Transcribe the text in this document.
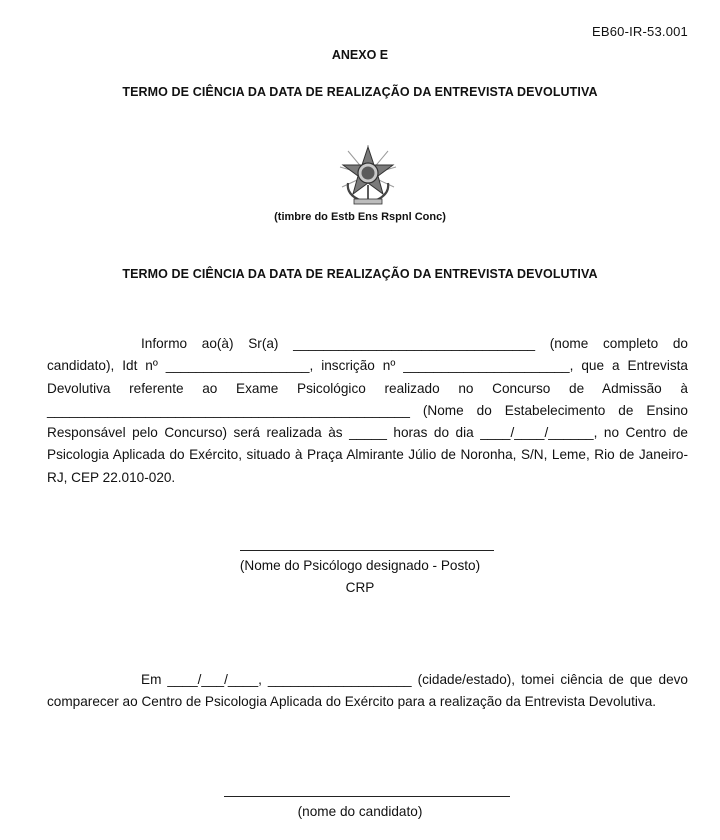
EB60-IR-53.001
ANEXO E
TERMO DE CIÊNCIA DA DATA DE REALIZAÇÃO DA ENTREVISTA DEVOLUTIVA
(timbre do Estb Ens Rspnl Conc)
TERMO DE CIÊNCIA DA DATA DE REALIZAÇÃO DA ENTREVISTA DEVOLUTIVA

Informo ao(à) Sr(a) ________________________________ (nome completo do candidato), Idt nº ___________________, inscrição nº ______________________, que a Entrevista Devolutiva referente ao Exame Psicológico realizado no Concurso de Admissão à ________________________________________________ (Nome do Estabelecimento de Ensino Responsável pelo Concurso) será realizada às _____ horas do dia ____/____/______, no Centro de Psicologia Aplicada do Exército, situado à Praça Almirante Júlio de Noronha, S/N, Leme, Rio de Janeiro-RJ, CEP 22.010-020.

(Nome do Psicólogo designado - Posto)
CRP

Em ____/___/____, ___________________ (cidade/estado), tomei ciência de que devo comparecer ao Centro de Psicologia Aplicada do Exército para a realização da Entrevista Devolutiva.

(nome do candidato)
